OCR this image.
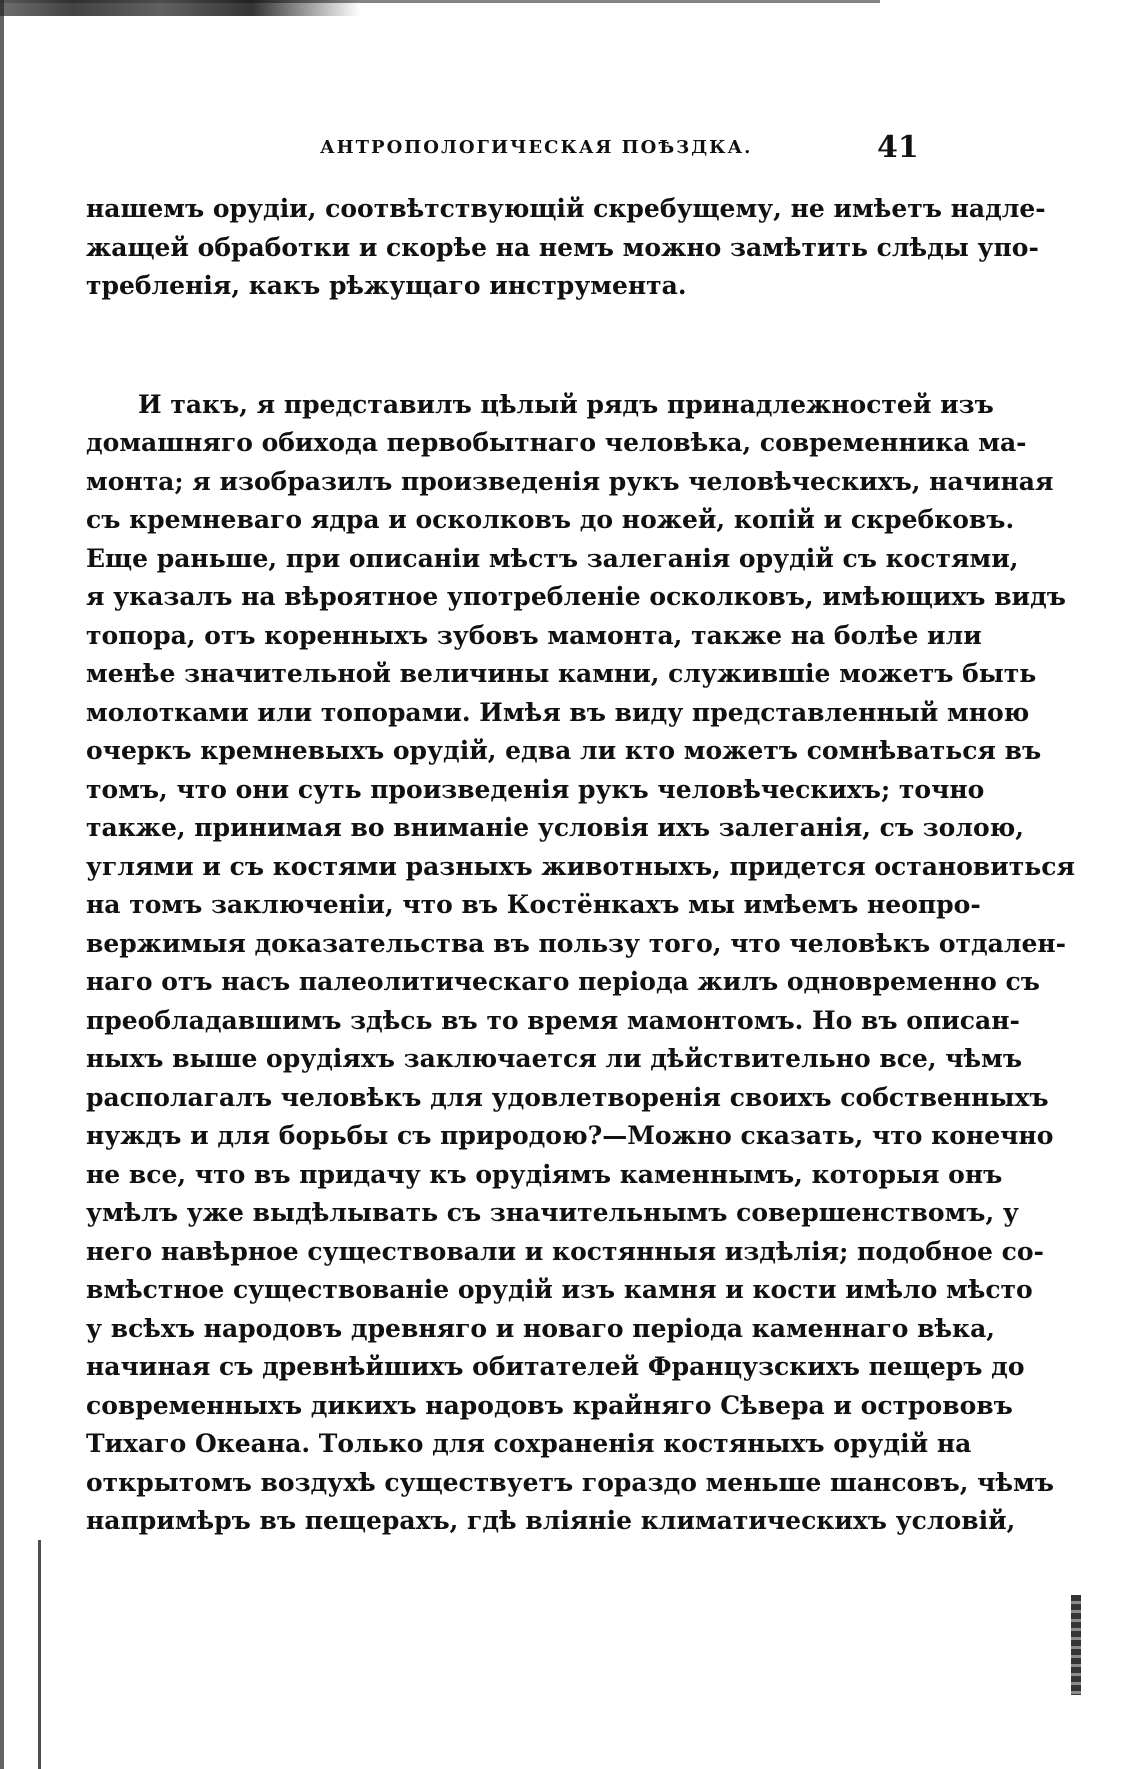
АНТРОПОЛОГИЧЕСКАЯ ПОѢЗДКА.	41
нашемъ орудіи, соотвѣтствующій скребущему, не имѣетъ надле-
жащей обработки и скорѣе на немъ можно замѣтить слѣды упо-
требленія, какъ рѣжущаго инструмента.
И такъ, я представилъ цѣлый рядъ принадлежностей изъ
домашняго обихода первобытнаго человѣка, современника ма-
монта; я изобразилъ произведенія рукъ человѣческихъ, начиная
съ кремневаго ядра и осколковъ до ножей, копій и скребковъ.
Еще раньше, при описаніи мѣстъ залеганія орудій съ костями,
я указалъ на вѣроятное употребленіе осколковъ, имѣющихъ видъ
топора, отъ коренныхъ зубовъ мамонта, также на болѣе или
менѣе значительной величины камни, служившіе можетъ быть
молотками или топорами. Имѣя въ виду представленный мною
очеркъ кремневыхъ орудій, едва ли кто можетъ сомнѣваться въ
томъ, что они суть произведенія рукъ человѣческихъ; точно
также, принимая во вниманіе условія ихъ залеганія, съ золою,
углями и съ костями разныхъ животныхъ, придется остановиться
на томъ заключеніи, что въ Костёнкахъ мы имѣемъ неопро-
вержимыя доказательства въ пользу того, что человѣкъ отдален-
наго отъ насъ палеолитическаго періода жилъ одновременно съ
преобладавшимъ здѣсь въ то время мамонтомъ. Но въ описан-
ныхъ выше орудіяхъ заключается ли дѣйствительно все, чѣмъ
располагалъ человѣкъ для удовлетворенія своихъ собственныхъ
нуждъ и для борьбы съ природою?—Можно сказать, что конечно
не все, что въ придачу къ орудіямъ каменнымъ, которыя онъ
умѣлъ уже выдѣлывать съ значительнымъ совершенствомъ, у
него навѣрное существовали и костянныя издѣлія; подобное со-
вмѣстное существованіе орудій изъ камня и кости имѣло мѣсто
у всѣхъ народовъ древняго и новаго періода каменнаго вѣка,
начиная съ древнѣйшихъ обитателей Французскихъ пещеръ до
современныхъ дикихъ народовъ крайняго Сѣвера и острововъ
Тихаго Океана. Только для сохраненія костяныхъ орудій на
открытомъ воздухѣ существуетъ гораздо меньше шансовъ, чѣмъ
напримѣръ въ пещерахъ, гдѣ вліяніе климатическихъ условій,
